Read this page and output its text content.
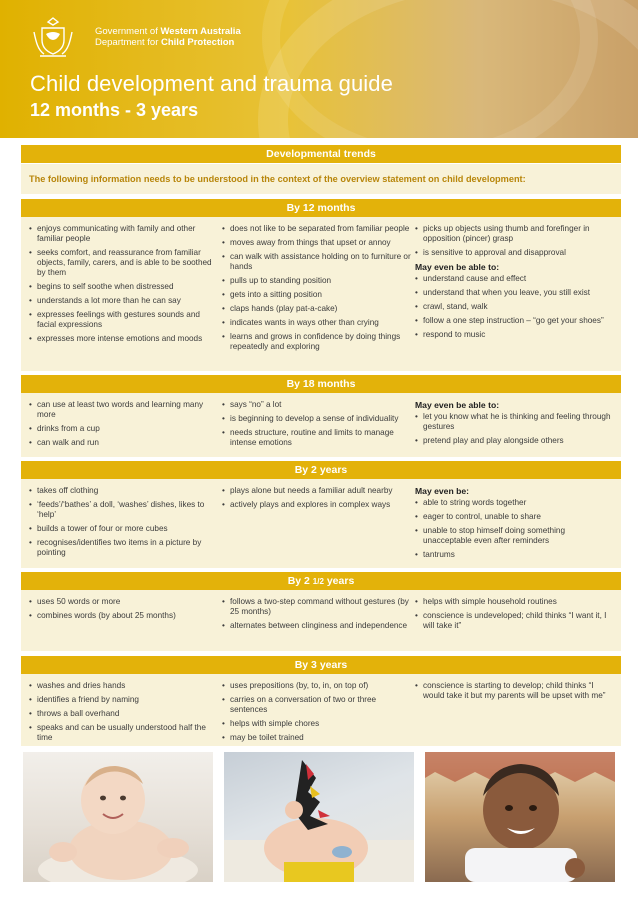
Government of Western Australia
Department for Child Protection
Child development and trauma guide
12 months - 3 years
Developmental trends
The following information needs to be understood in the context of the overview statement on child development:
By 12 months
• enjoys communicating with family and other familiar people
• seeks comfort, and reassurance from familiar objects, family, carers, and is able to be soothed by them
• begins to self soothe when distressed
• understands a lot more than he can say
• expresses feelings with gestures sounds and facial expressions
• expresses more intense emotions and moods
• does not like to be separated from familiar people
• moves away from things that upset or annoy
• can walk with assistance holding on to furniture or hands
• pulls up to standing position
• gets into a sitting position
• claps hands (play pat-a-cake)
• indicates wants in ways other than crying
• learns and grows in confidence by doing things repeatedly and exploring
• picks up objects using thumb and forefinger in opposition (pincer) grasp
• is sensitive to approval and disapproval
May even be able to:
• understand cause and effect
• understand that when you leave, you still exist
• crawl, stand, walk
• follow a one step instruction – “go get your shoes”
• respond to music
By 18 months
• can use at least two words and learning many more
• drinks from a cup
• can walk and run
• says “no” a lot
• is beginning to develop a sense of individuality
• needs structure, routine and limits to manage intense emotions
May even be able to:
• let you know what he is thinking and feeling through gestures
• pretend play and play alongside others
By 2 years
• takes off clothing
• ‘feeds’/‘bathes’ a doll, ‘washes’ dishes, likes to ‘help’
• builds a tower of four or more cubes
• recognises/identifies two items in a picture by pointing
• plays alone but needs a familiar adult nearby
• actively plays and explores in complex ways
May even be:
• able to string words together
• eager to control, unable to share
• unable to stop himself doing something unacceptable even after reminders
• tantrums
By 2 1/2 years
• uses 50 words or more
• combines words (by about 25 months)
• follows a two-step command without gestures (by 25 months)
• alternates between clinginess and independence
• helps with simple household routines
• conscience is undeveloped; child thinks “I want it, I will take it”
By 3 years
• washes and dries hands
• identifies a friend by naming
• throws a ball overhand
• speaks and can be usually understood half the time
• uses prepositions (by, to, in, on top of)
• carries on a conversation of two or three sentences
• helps with simple chores
• may be toilet trained
• conscience is starting to develop; child thinks “I would take it but my parents will be upset with me”
